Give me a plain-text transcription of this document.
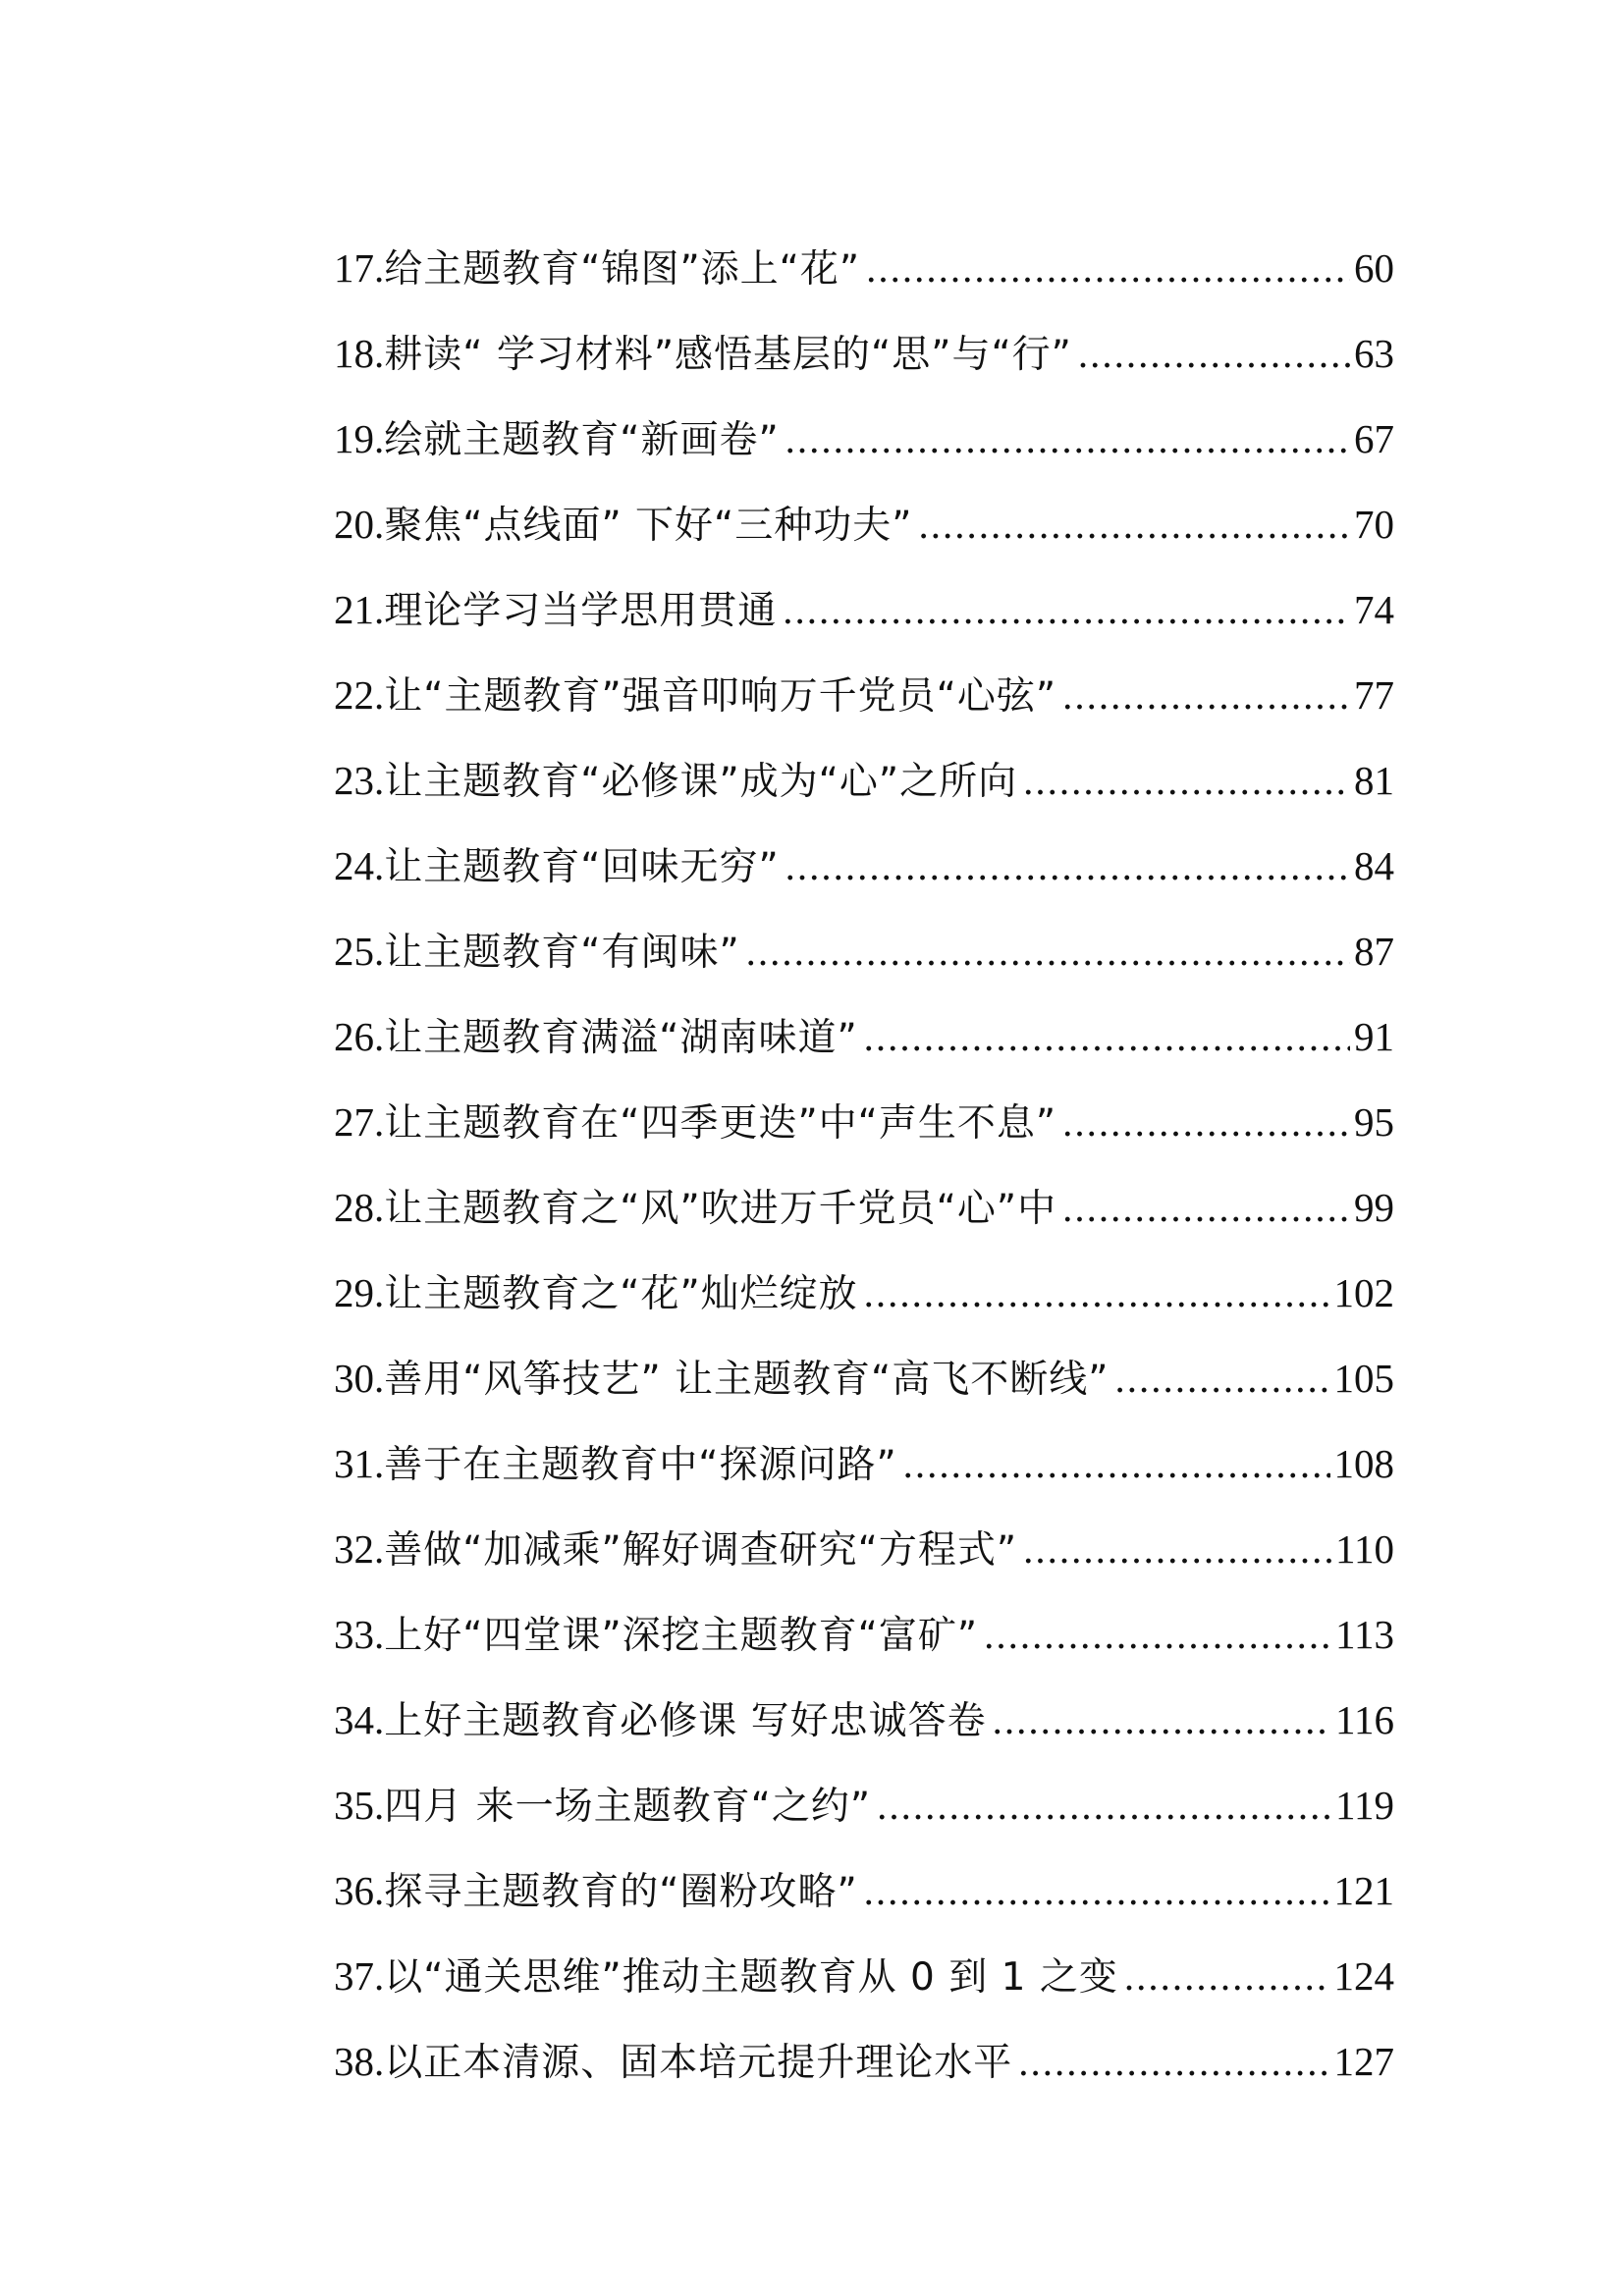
17. 给主题教育“锦图”添上“花” .....	60
18. 耕读“ 学习材料”感悟基层的“思”与“行” .....	63
19. 绘就主题教育“新画卷” .....	67
20. 聚焦“点线面” 下好“三种功夫” .....	70
21. 理论学习当学思用贯通 .....	74
22. 让“主题教育”强音叩响万千党员“心弦” .....	77
23. 让主题教育“必修课”成为“心”之所向 .....	81
24. 让主题教育“回味无穷” .....	84
25. 让主题教育“有闽味” .....	87
26. 让主题教育满溢“湖南味道” .....	91
27. 让主题教育在“四季更迭”中“声生不息” .....	95
28. 让主题教育之“风”吹进万千党员“心”中 .....	99
29. 让主题教育之“花”灿烂绽放 .....	102
30. 善用“风筝技艺” 让主题教育“高飞不断线” .....	105
31. 善于在主题教育中“探源问路” .....	108
32. 善做“加减乘”解好调查研究“方程式” .....	110
33. 上好“四堂课”深挖主题教育“富矿” .....	113
34. 上好主题教育必修课 写好忠诚答卷 .....	116
35. 四月 来一场主题教育“之约” .....	119
36. 探寻主题教育的“圈粉攻略” .....	121
37. 以“通关思维”推动主题教育从 0 到 1 之变 .....	124
38. 以正本清源、固本培元提升理论水平 .....	127
